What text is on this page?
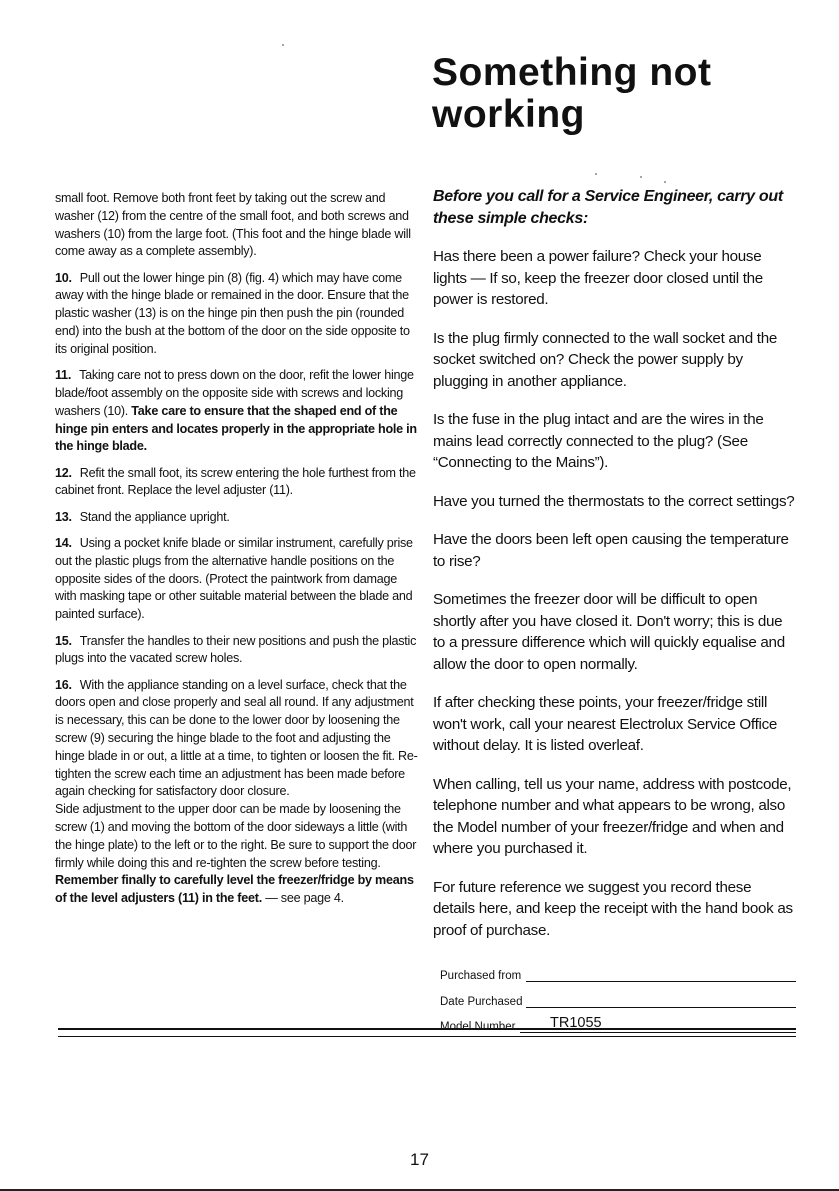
Something not
working

small foot. Remove both front feet by taking out the screw and washer (12) from the centre of the small foot, and both screws and washers (10) from the large foot. (This foot and the hinge blade will come away as a complete assembly).

10. Pull out the lower hinge pin (8) (fig. 4) which may have come away with the hinge blade or remained in the door. Ensure that the plastic washer (13) is on the hinge pin then push the pin (rounded end) into the bush at the bottom of the door on the side opposite to its original position.

11. Taking care not to press down on the door, refit the lower hinge blade/foot assembly on the opposite side with screws and locking washers (10). Take care to ensure that the shaped end of the hinge pin enters and locates properly in the appropriate hole in the hinge blade.

12. Refit the small foot, its screw entering the hole furthest from the cabinet front. Replace the level adjuster (11).

13. Stand the appliance upright.

14. Using a pocket knife blade or similar instrument, carefully prise out the plastic plugs from the alternative handle positions on the opposite sides of the doors. (Protect the paintwork from damage with masking tape or other suitable material between the blade and painted surface).

15. Transfer the handles to their new positions and push the plastic plugs into the vacated screw holes.

16. With the appliance standing on a level surface, check that the doors open and close properly and seal all round. If any adjustment is necessary, this can be done to the lower door by loosening the screw (9) securing the hinge blade to the foot and adjusting the hinge blade in or out, a little at a time, to tighten or loosen the fit. Re-tighten the screw each time an adjustment has been made before again checking for satisfactory door closure.

Side adjustment to the upper door can be made by loosening the screw (1) and moving the bottom of the door sideways a little (with the hinge plate) to the left or to the right. Be sure to support the door firmly while doing this and re-tighten the screw before testing. Remember finally to carefully level the freezer/fridge by means of the level adjusters (11) in the feet. — see page 4.

Before you call for a Service Engineer, carry out these simple checks:

Has there been a power failure? Check your house lights — If so, keep the freezer door closed until the power is restored.

Is the plug firmly connected to the wall socket and the socket switched on? Check the power supply by plugging in another appliance.

Is the fuse in the plug intact and are the wires in the mains lead correctly connected to the plug? (See “Connecting to the Mains”).

Have you turned the thermostats to the correct settings?

Have the doors been left open causing the temperature to rise?

Sometimes the freezer door will be difficult to open shortly after you have closed it. Don't worry; this is due to a pressure difference which will quickly equalise and allow the door to open normally.

If after checking these points, your freezer/fridge still won't work, call your nearest Electrolux Service Office without delay. It is listed overleaf.

When calling, tell us your name, address with postcode, telephone number and what appears to be wrong, also the Model number of your freezer/fridge and when and where you purchased it.

For future reference we suggest you record these details here, and keep the receipt with the hand book as proof of purchase.

Purchased from
Date Purchased
Model Number TR1055
17
